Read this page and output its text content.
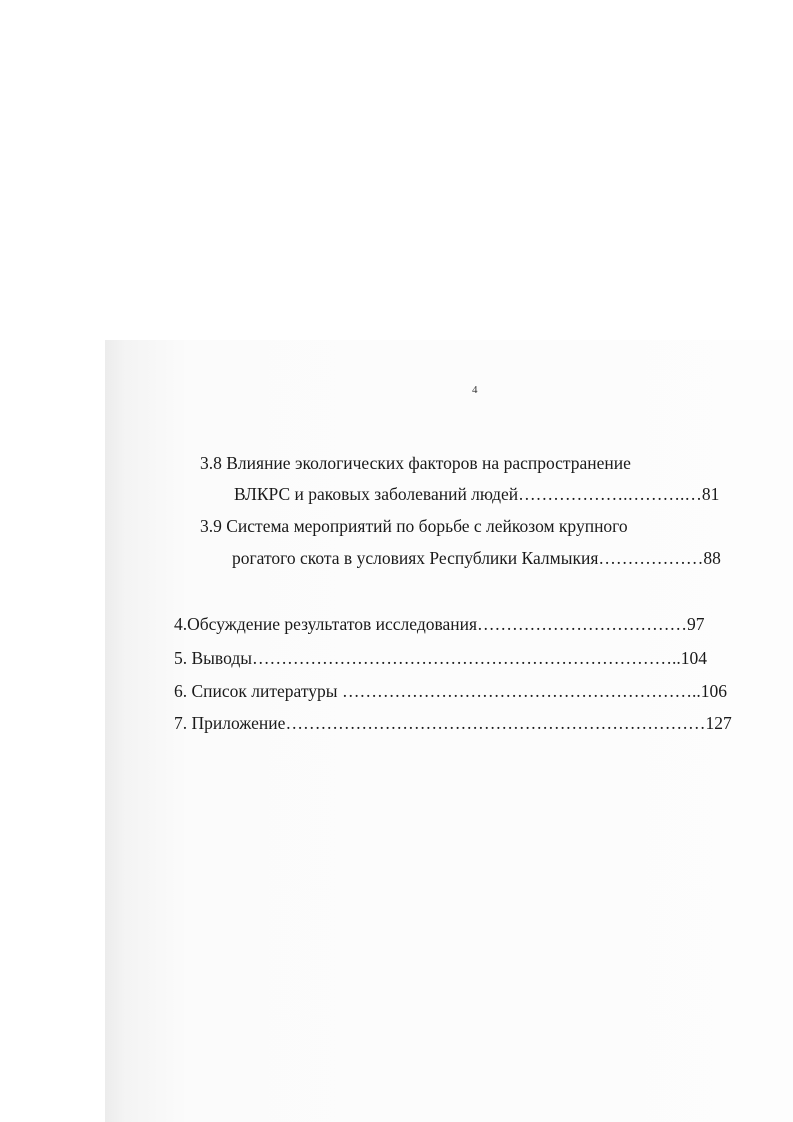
4
3.8 Влияние экологических факторов на распространение
ВЛКРС и раковых заболеваний людей……………….……….…81
3.9 Система мероприятий по борьбе с лейкозом крупного
рогатого скота в условиях Республики Калмыкия………………88
4.Обсуждение результатов исследования………………………………97
5. Выводы………………………………………………………………..104
6. Список литературы ……………………………………………………..106
7. Приложение………………………………………………………………127
